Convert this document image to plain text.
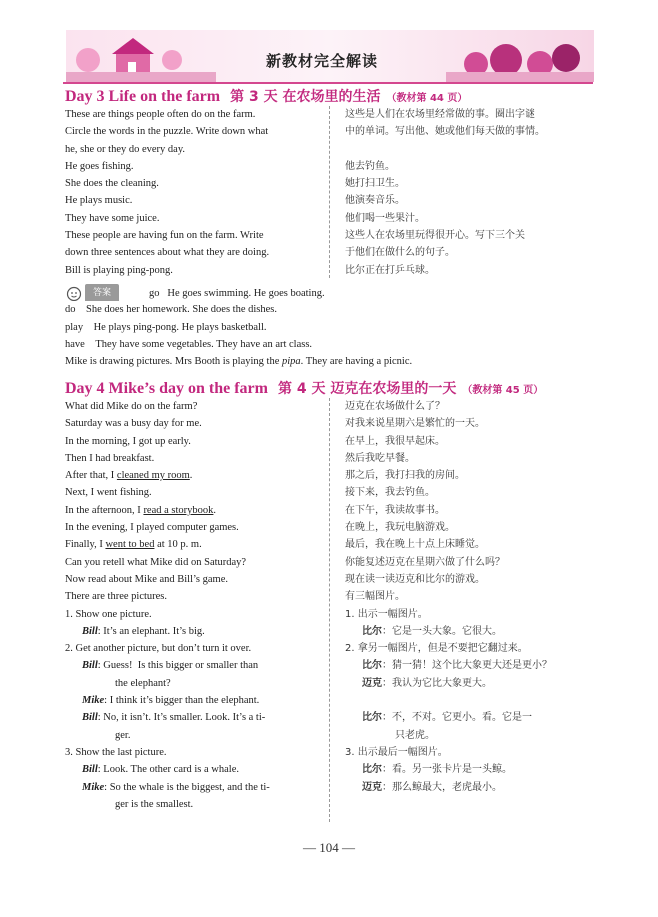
新教材完全解读
Day 3 Life on the farm 第 3 天 在农场里的生活 （教材第 44 页）
These are things people often do on the farm.
Circle the words in the puzzle. Write down what
he, she or they do every day.
He goes fishing.
She does the cleaning.
He plays music.
They have some juice.
These people are having fun on the farm. Write
down three sentences about what they are doing.
Bill is playing ping-pong.
这些是人们在农场里经常做的事。圈出字谜
中的单词。写出他、她或他们每天做的事情。
他去钓鱼。
她打扫卫生。
他演奏音乐。
他们喝一些果汁。
这些人在农场里玩得很开心。写下三个关
于他们在做什么的句子。
比尔正在打乒乓球。
答案	go He goes swimming. He goes boating.
do She does her homework. She does the dishes.
play He plays ping-pong. He plays basketball.
have They have some vegetables. They have an art class.
Mike is drawing pictures. Mrs Booth is playing the pipa. They are having a picnic.
Day 4 Mike’s day on the farm 第 4 天 迈克在农场里的一天 （教材第 45 页）
What did Mike do on the farm?
Saturday was a busy day for me.
In the morning, I got up early.
Then I had breakfast.
After that, I cleaned my room.
Next, I went fishing.
In the afternoon, I read a storybook.
In the evening, I played computer games.
Finally, I went to bed at 10 p. m.
Can you retell what Mike did on Saturday?
Now read about Mike and Bill’s game.
There are three pictures.
1. Show one picture.
Bill: It’s an elephant. It’s big.
2. Get another picture, but don’t turn it over.
Bill: Guess!  Is this bigger or smaller than
the elephant?
Mike: I think it’s bigger than the elephant.
Bill: No, it isn’t. It’s smaller. Look. It’s a ti-
ger.
3. Show the last picture.
Bill: Look. The other card is a whale.
Mike: So the whale is the biggest, and the ti-
ger is the smallest.
迈克在农场做什么了？
对我来说星期六是繁忙的一天。
在早上，我很早起床。
然后我吃早餐。
那之后，我打扫我的房间。
接下来，我去钓鱼。
在下午，我读故事书。
在晚上，我玩电脑游戏。
最后，我在晚上十点上床睡觉。
你能复述迈克在星期六做了什么吗？
现在读一读迈克和比尔的游戏。
有三幅图片。
1. 出示一幅图片。
比尔：它是一头大象。它很大。
2. 拿另一幅图片，但是不要把它翻过来。
比尔：猜一猜！这个比大象更大还是更小？
迈克：我认为它比大象更大。
比尔：不，不对。它更小。看。它是一
只老虎。
3. 出示最后一幅图片。
比尔：看。另一张卡片是一头鲸。
迈克：那么鲸最大，老虎最小。
— 104 —
